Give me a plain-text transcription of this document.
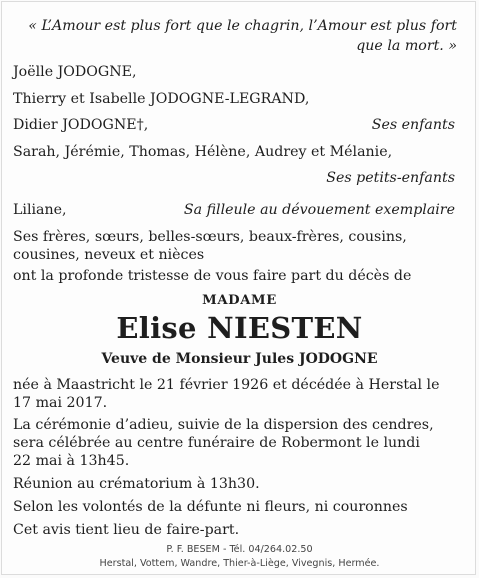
« L’Amour est plus fort que le chagrin, l’Amour est plus fort
que la mort. »
Joëlle JODOGNE,
Thierry et Isabelle JODOGNE-LEGRAND,
Didier JODOGNE†,	Ses enfants
Sarah, Jérémie, Thomas, Hélène, Audrey et Mélanie,
Ses petits-enfants
Liliane,	Sa filleule au dévouement exemplaire
Ses frères, sœurs, belles-sœurs, beaux-frères, cousins,
cousines, neveux et nièces
ont la profonde tristesse de vous faire part du décès de
MADAME
Elise NIESTEN
Veuve de Monsieur Jules JODOGNE
née à Maastricht le 21 février 1926 et décédée à Herstal le
17 mai 2017.
La cérémonie d’adieu, suivie de la dispersion des cendres,
sera célébrée au centre funéraire de Robermont le lundi
22 mai à 13h45.
Réunion au crématorium à 13h30.
Selon les volontés de la défunte ni fleurs, ni couronnes
Cet avis tient lieu de faire-part.
P. F. BESEM - Tél. 04/264.02.50
Herstal, Vottem, Wandre, Thier-à-Liège, Vivegnis, Hermée.
